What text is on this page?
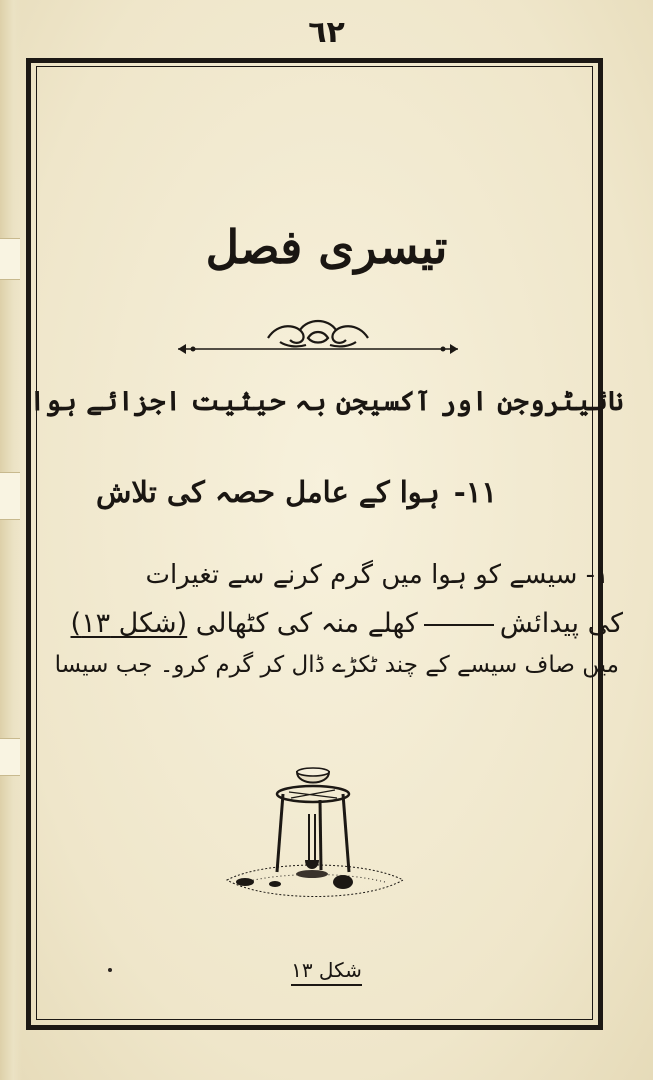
٦٢
تیسری فصل
نائیٹروجن اور آکسیجن بہ حیثیت اجزائے ہوا
١١-ہوا کے عامل حصہ کی تلاش
١- سیسے کو ہوا میں گرم کرنے سے تغیرات
کی پیدائشکھلے منہ کی کٹھالی (شکل ١٣)
میں صاف سیسے کے چند ٹکڑے ڈال کر گرم کرو۔ جب سیسا
شکل ١٣
